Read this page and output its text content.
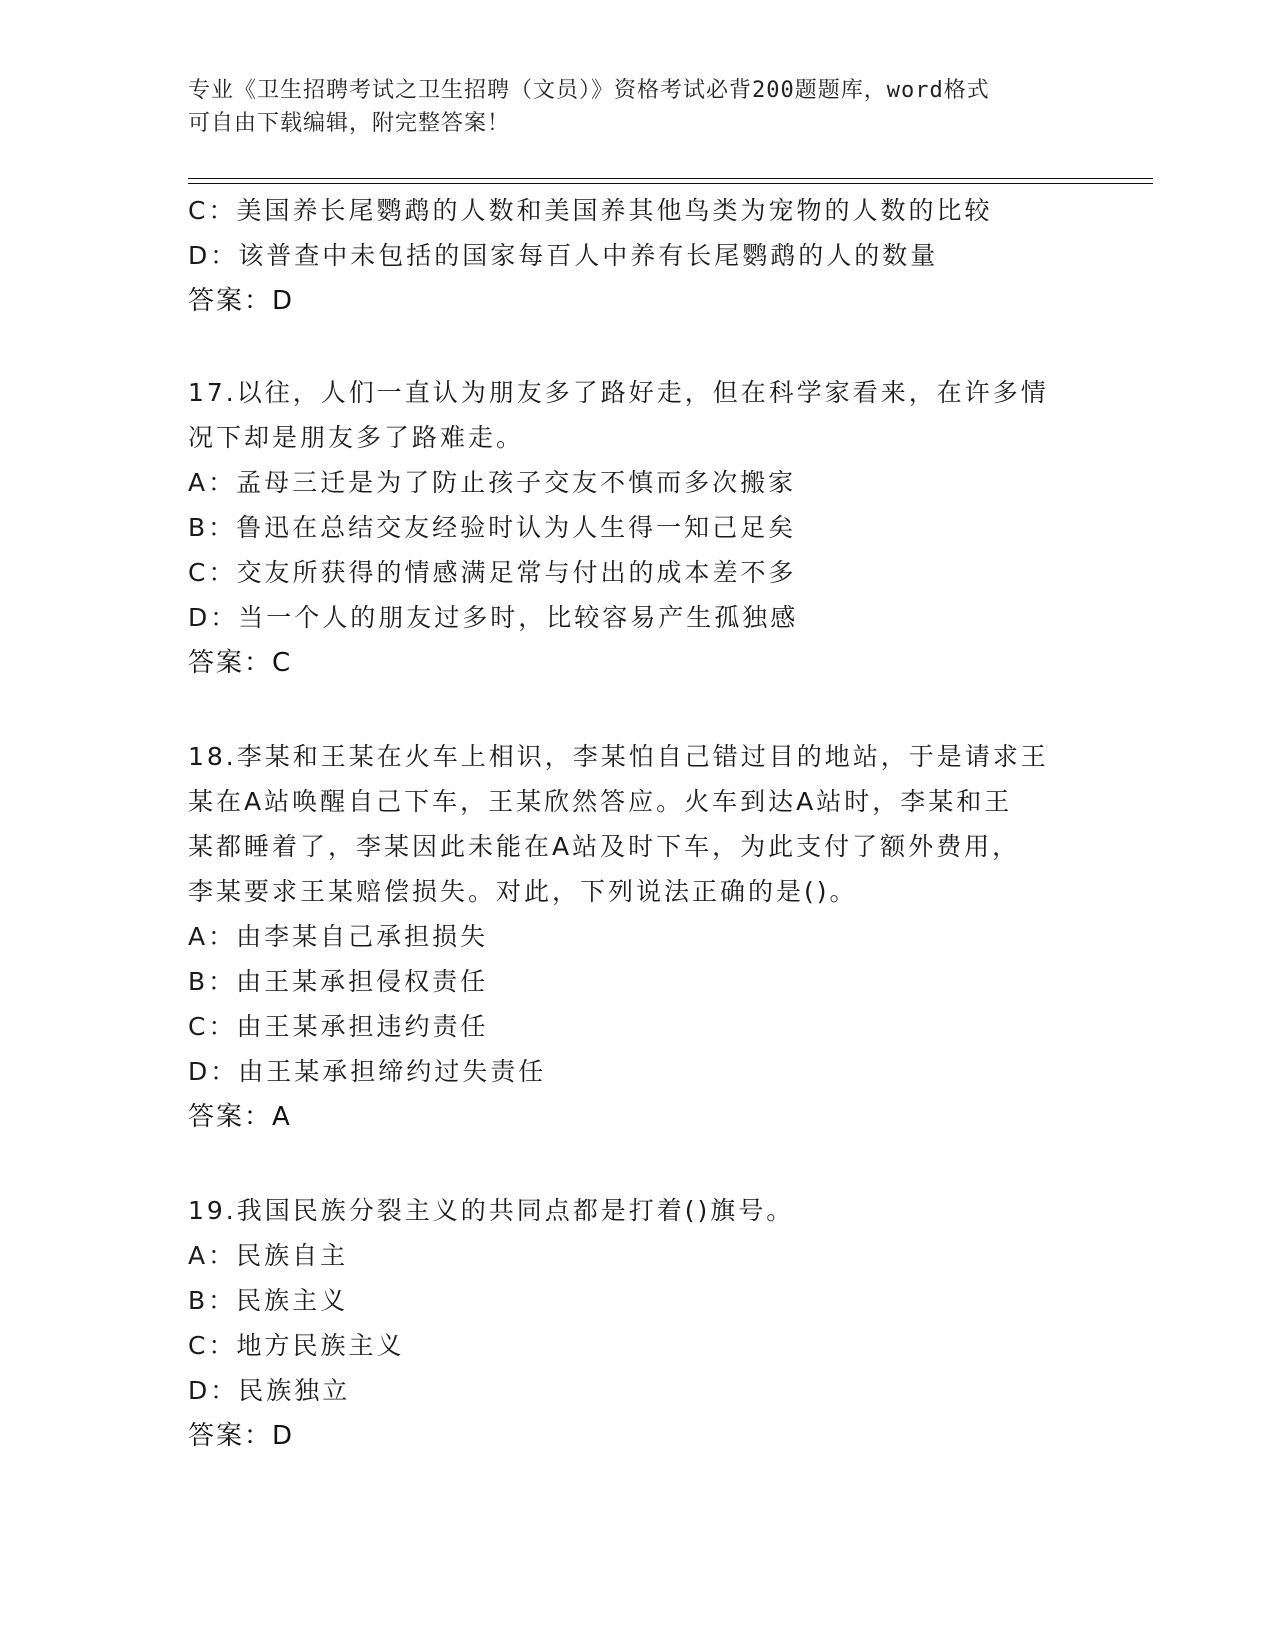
专业《卫生招聘考试之卫生招聘（文员）》资格考试必背200题题库，word格式
可自由下载编辑，附完整答案！
C：美国养长尾鹦鹉的人数和美国养其他鸟类为宠物的人数的比较
D：该普查中未包括的国家每百人中养有长尾鹦鹉的人的数量
答案：D
17.以往，人们一直认为朋友多了路好走，但在科学家看来，在许多情
况下却是朋友多了路难走。
A：孟母三迁是为了防止孩子交友不慎而多次搬家
B：鲁迅在总结交友经验时认为人生得一知己足矣
C：交友所获得的情感满足常与付出的成本差不多
D：当一个人的朋友过多时，比较容易产生孤独感
答案：C
18.李某和王某在火车上相识，李某怕自己错过目的地站，于是请求王
某在A站唤醒自己下车，王某欣然答应。火车到达A站时，李某和王
某都睡着了，李某因此未能在A站及时下车，为此支付了额外费用，
李某要求王某赔偿损失。对此，下列说法正确的是()。
A：由李某自己承担损失
B：由王某承担侵权责任
C：由王某承担违约责任
D：由王某承担缔约过失责任
答案：A
19.我国民族分裂主义的共同点都是打着()旗号。
A：民族自主
B：民族主义
C：地方民族主义
D：民族独立
答案：D
